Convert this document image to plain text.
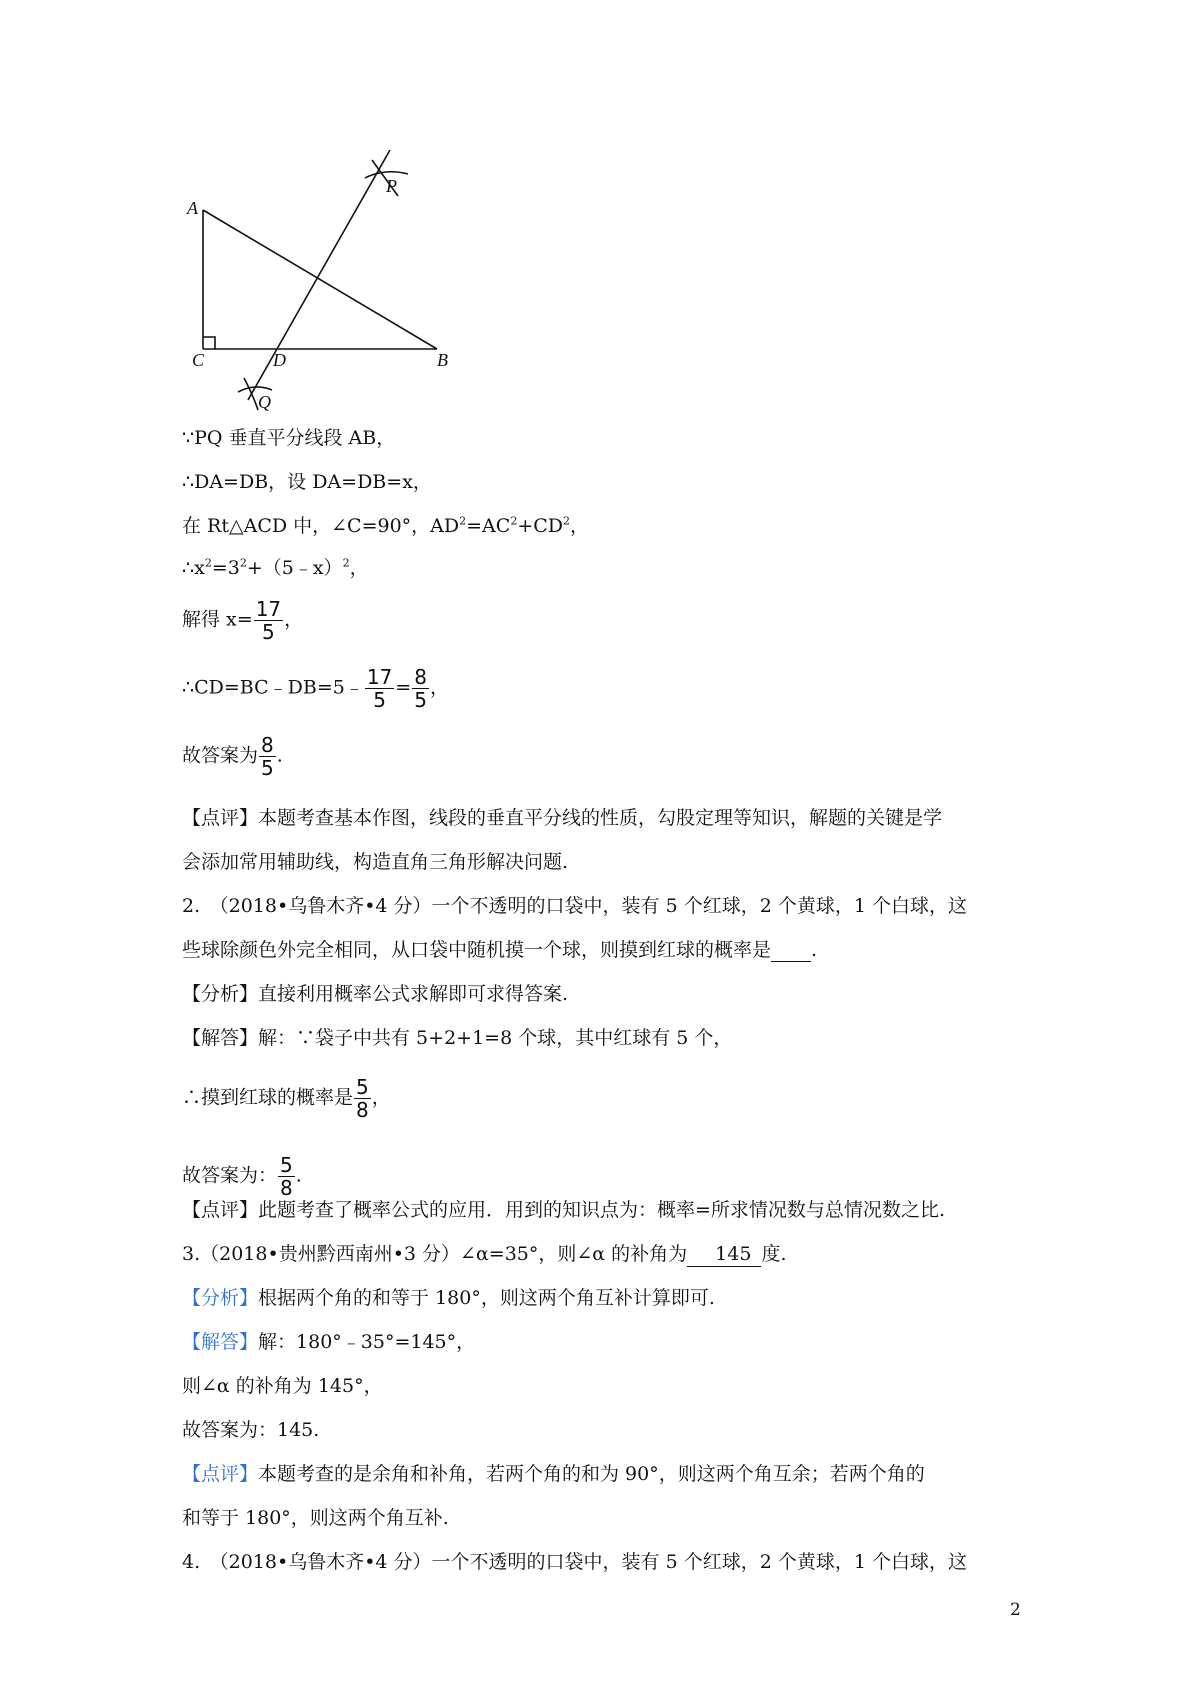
A
P
C	D	B
Q
∵PQ 垂直平分线段 AB，
∴DA=DB，设 DA=DB=x，
在 Rt△ACD 中，∠C=90°，$AD^2=AC^2+CD^2$，
$\therefore x^2=3^2+(5﹣x)^2$，
解得 $x= \frac{17}{5}$ ，
∴CD=BC﹣DB=5﹣ $\frac{17}{5} = \frac{8}{5}$ ，
故答案为 $\frac{8}{5}$ .
【点评】本题考查基本作图，线段的垂直平分线的性质，勾股定理等知识，解题的关键是学
会添加常用辅助线，构造直角三角形解决问题.
2.　（2018•乌鲁木齐•4 分）一个不透明的口袋中，装有 5 个红球，2 个黄球，1 个白球，这
些球除颜色外完全相同，从口袋中随机摸一个球，则摸到红球的概率是 .
【分析】直接利用概率公式求解即可求得答案.
【解答】解：∵袋子中共有 5+2+1=8 个球，其中红球有 5 个，
∴摸到红球的概率是 $\frac{5}{8}$ ，
故答案为： $\frac{5}{8}$ .
【点评】此题考查了概率公式的应用．用到的知识点为：概率=所求情况数与总情况数之比.
3.（2018•贵州黔西南州•3 分）∠α=35°，则∠α 的补角为 145 度.
【分析】根据两个角的和等于 180°，则这两个角互补计算即可.
【解答】解：180°﹣35°=145°，
则∠α 的补角为 145°，
故答案为：145.
【点评】本题考查的是余角和补角，若两个角的和为 90°，则这两个角互余；若两个角的
和等于 180°，则这两个角互补.
4.　（2018•乌鲁木齐•4 分）一个不透明的口袋中，装有 5 个红球，2 个黄球，1 个白球，这
2
